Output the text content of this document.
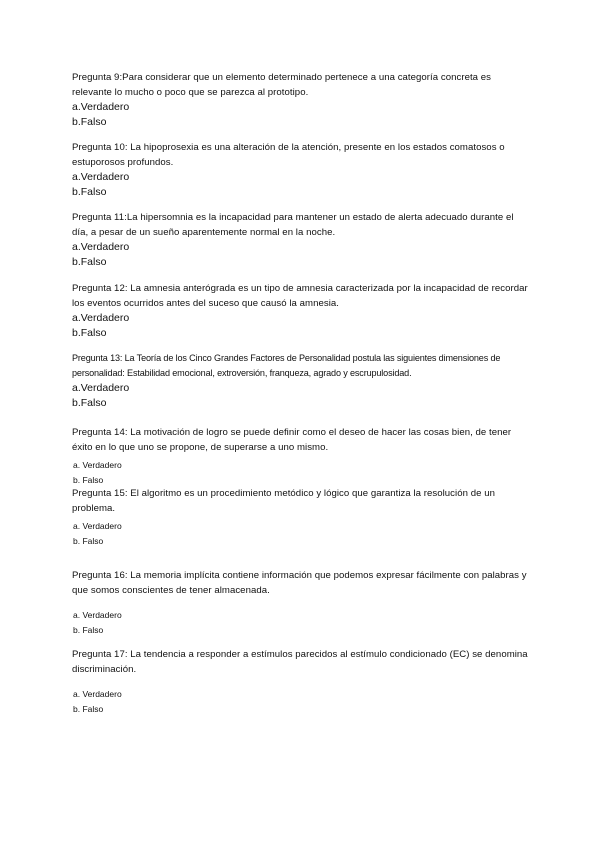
Pregunta 9:Para considerar que un elemento determinado pertenece a una categoría concreta es relevante lo mucho o poco que se parezca al prototipo.
a.Verdadero
b.Falso
Pregunta 10: La hipoprosexia es una alteración de la atención, presente en los estados comatosos o estuporosos profundos.
a.Verdadero
b.Falso
Pregunta 11:La hipersomnia es la incapacidad para mantener un estado de alerta adecuado durante el día, a pesar de un sueño aparentemente normal en la noche.
a.Verdadero
b.Falso
Pregunta 12: La amnesia anterógrada es un tipo de amnesia caracterizada por la incapacidad de recordar los eventos ocurridos antes del suceso que causó la amnesia.
a.Verdadero
b.Falso
Pregunta 13: La Teoría de los Cinco Grandes Factores de Personalidad postula las siguientes dimensiones de personalidad: Estabilidad emocional, extroversión, franqueza, agrado y escrupulosidad.
a.Verdadero
b.Falso
Pregunta 14: La motivación de logro se puede definir como el deseo de hacer las cosas bien, de tener éxito en lo que uno se propone, de superarse a uno mismo.
a. Verdadero
b. Falso
Pregunta 15: El algoritmo es un procedimiento metódico y lógico que garantiza la resolución de un problema.
a. Verdadero
b. Falso
Pregunta 16: La memoria implícita contiene información que podemos expresar fácilmente con palabras y que somos conscientes de tener almacenada.
a. Verdadero
b. Falso
Pregunta 17: La tendencia a responder a estímulos parecidos al estímulo condicionado (EC) se denomina discriminación.
a. Verdadero
b. Falso
